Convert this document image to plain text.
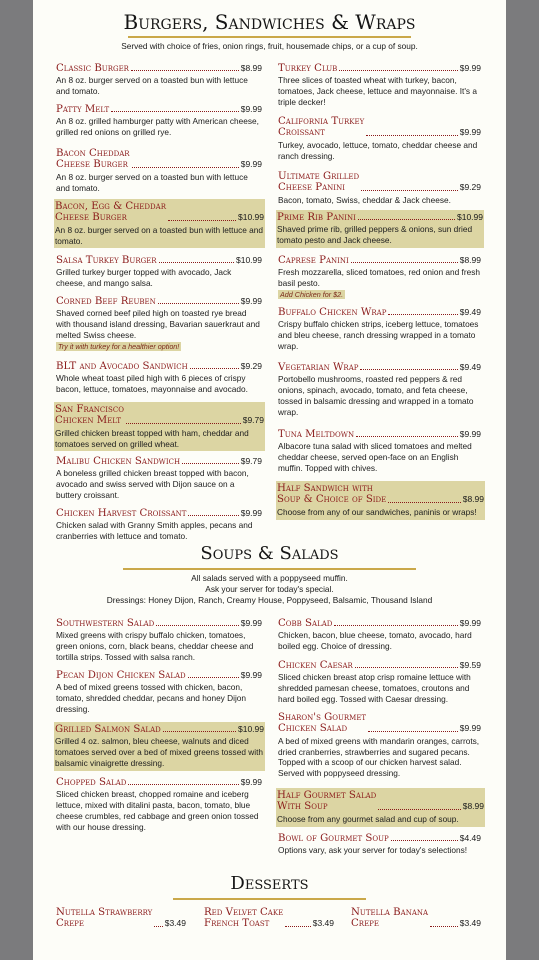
Burgers, Sandwiches & Wraps
Served with choice of fries, onion rings, fruit, housemade chips, or a cup of soup.
Classic Burger	$8.99
An 8 oz. burger served on a toasted bun with lettuce and tomato.
Patty Melt	$9.99
An 8 oz. grilled hamburger patty with American cheese, grilled red onions on grilled rye.
Bacon Cheddar
Cheese Burger	$9.99
An 8 oz. burger served on a toasted bun with lettuce and tomato.
Bacon, Egg & Cheddar
Cheese Burger	$10.99
An 8 oz. burger served on a toasted bun with lettuce and tomato.
Salsa Turkey Burger	$10.99
Grilled turkey burger topped with avocado, Jack cheese, and mango salsa.
Corned Beef Reuben	$9.99
Shaved corned beef piled high on toasted rye bread with thousand island dressing, Bavarian sauerkraut and melted Swiss cheese.
Try it with turkey for a healthier option!
BLT and Avocado Sandwich	$9.29
Whole wheat toast piled high with 6 pieces of crispy bacon, lettuce, tomatoes, mayonnaise and avocado.
San Francisco
Chicken Melt	$9.79
Grilled chicken breast topped with ham, cheddar and tomatoes served on grilled wheat.
Malibu Chicken Sandwich	$9.79
A boneless grilled chicken breast topped with bacon, avocado and swiss served with Dijon sauce on a buttery croissant.
Chicken Harvest Croissant	$9.99
Chicken salad with Granny Smith apples, pecans and cranberries with lettuce and tomato.
Turkey Club	$9.99
Three slices of toasted wheat with turkey, bacon, tomatoes, Jack cheese, lettuce and mayonnaise. It's a triple decker!
California Turkey
Croissant	$9.99
Turkey, avocado, lettuce, tomato, cheddar cheese and ranch dressing.
Ultimate Grilled
Cheese Panini	$9.29
Bacon, tomato, Swiss, cheddar & Jack cheese.
Prime Rib Panini	$10.99
Shaved prime rib, grilled peppers & onions, sun dried tomato pesto and Jack cheese.
Caprese Panini	$8.99
Fresh mozzarella, sliced tomatoes, red onion and fresh basil pesto.
Add Chicken for $2.
Buffalo Chicken Wrap	$9.49
Crispy buffalo chicken strips, iceberg lettuce, tomatoes and bleu cheese, ranch dressing wrapped in a tomato wrap.
Vegetarian Wrap	$9.49
Portobello mushrooms, roasted red peppers & red onions, spinach, avocado, tomato, and feta cheese, tossed in balsamic dressing and wrapped in a tomato wrap.
Tuna Meltdown	$9.99
Albacore tuna salad with sliced tomatoes and melted cheddar cheese, served open-face on an English muffin. Topped with chives.
Half Sandwich with
Soup & Choice of Side	$8.99
Choose from any of our sandwiches, paninis or wraps!
Soups & Salads
All salads served with a poppyseed muffin.
Ask your server for today's special.
Dressings: Honey Dijon, Ranch, Creamy House, Poppyseed, Balsamic, Thousand Island
Southwestern Salad	$9.99
Mixed greens with crispy buffalo chicken, tomatoes, green onions, corn, black beans, cheddar cheese and tortilla strips. Tossed with salsa ranch.
Pecan Dijon Chicken Salad	$9.99
A bed of mixed greens tossed with chicken, bacon, tomato, shredded cheddar, pecans and honey Dijon dressing.
Grilled Salmon Salad	$10.99
Grilled 4 oz. salmon, bleu cheese, walnuts and diced tomatoes served over a bed of mixed greens tossed with balsamic vinaigrette dressing.
Chopped Salad	$9.99
Sliced chicken breast, chopped romaine and iceberg lettuce, mixed with ditalini pasta, bacon, tomato, blue cheese crumbles, red cabbage and green onion tossed with our house dressing.
Cobb Salad	$9.99
Chicken, bacon, blue cheese, tomato, avocado, hard boiled egg. Choice of dressing.
Chicken Caesar	$9.59
Sliced chicken breast atop crisp romaine lettuce with shredded pamesan cheese, tomatoes, croutons and hard boiled egg. Tossed with Caesar dressing.
Sharon's Gourmet
Chicken Salad	$9.99
A bed of mixed greens with mandarin oranges, carrots, dried cranberries, strawberries and sugared pecans. Topped with a scoop of our chicken harvest salad. Served with poppyseed dressing.
Half Gourmet Salad
With Soup	$8.99
Choose from any gourmet salad and cup of soup.
Bowl of Gourmet Soup	$4.49
Options vary, ask your server for today's selections!
Desserts
Nutella Strawberry
Crepe	$3.49
Red Velvet Cake
French Toast	$3.49
Nutella Banana
Crepe	$3.49
